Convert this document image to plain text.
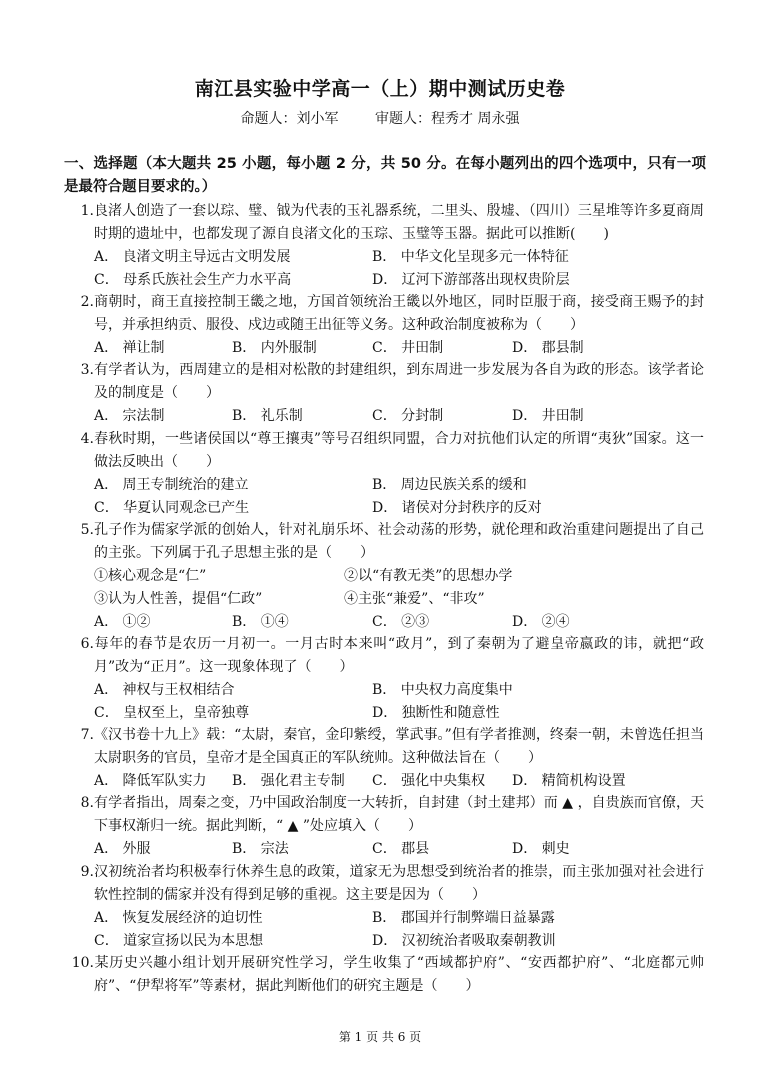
南江县实验中学高一（上）期中测试历史卷
命题人：刘小军	审题人：程秀才 周永强
一、选择题（本大题共 25 小题，每小题 2 分，共 50 分。在每小题列出的四个选项中，只有一项是最符合题目要求的。）

1.良渚人创造了一套以琮、璧、钺为代表的玉礼器系统，二里头、殷墟、（四川）三星堆等许多夏商周时期的遗址中，也都发现了源自良渚文化的玉琮、玉璧等玉器。据此可以推断(　　)

A． 良渚文明主导远古文明发展	B． 中华文化呈现多元一体特征
C． 母系氏族社会生产力水平高	D． 辽河下游部落出现权贵阶层

2.商朝时，商王直接控制王畿之地，方国首领统治王畿以外地区，同时臣服于商，接受商王赐予的封号，并承担纳贡、服役、戍边或随王出征等义务。这种政治制度被称为（　　）

A． 禅让制	B． 内外服制	C． 井田制	D． 郡县制

3.有学者认为，西周建立的是相对松散的封建组织，到东周进一步发展为各自为政的形态。该学者论及的制度是（　　）

A． 宗法制	B． 礼乐制	C． 分封制	D． 井田制

4.春秋时期，一些诸侯国以“尊王攘夷”等号召组织同盟，合力对抗他们认定的所谓“夷狄”国家。这一做法反映出（　　）

A． 周王专制统治的建立	B． 周边民族关系的缓和
C． 华夏认同观念已产生	D． 诸侯对分封秩序的反对

5.孔子作为儒家学派的创始人，针对礼崩乐坏、社会动荡的形势，就伦理和政治重建问题提出了自己的主张。下列属于孔子思想主张的是（　　）

①核心观念是“仁”	②以“有教无类”的思想办学
③认为人性善，提倡“仁政”	④主张“兼爱”、“非攻”
A． ①②	B． ①④	C． ②③	D． ②④

6.每年的春节是农历一月初一。一月古时本来叫“政月”，到了秦朝为了避皇帝嬴政的讳，就把“政月”改为“正月”。这一现象体现了（　　）

A． 神权与王权相结合	B． 中央权力高度集中
C． 皇权至上，皇帝独尊	D． 独断性和随意性

7.《汉书卷十九上》载：“太尉，秦官，金印紫绶，掌武事。”但有学者推测，终秦一朝，未曾选任担当太尉职务的官员，皇帝才是全国真正的军队统帅。这种做法旨在（　　）

A． 降低军队实力 B． 强化君主专制 C． 强化中央集权 D． 精简机构设置

8.有学者指出，周秦之变，乃中国政治制度一大转折，自封建（封土建邦）而 ▲ ，自贵族而官僚，天下事权渐归一统。据此判断，“ ▲ ”处应填入（　　）

A． 外服	B． 宗法	C． 郡县	D． 刺史

9.汉初统治者均积极奉行休养生息的政策，道家无为思想受到统治者的推崇，而主张加强对社会进行软性控制的儒家并没有得到足够的重视。这主要是因为（　　）

A． 恢复发展经济的迫切性	B． 郡国并行制弊端日益暴露
C． 道家宣扬以民为本思想	D． 汉初统治者吸取秦朝教训

10.某历史兴趣小组计划开展研究性学习，学生收集了“西域都护府”、“安西都护府”、“北庭都元帅府”、“伊犁将军”等素材，据此判断他们的研究主题是（　　）

第 1 页 共 6 页
